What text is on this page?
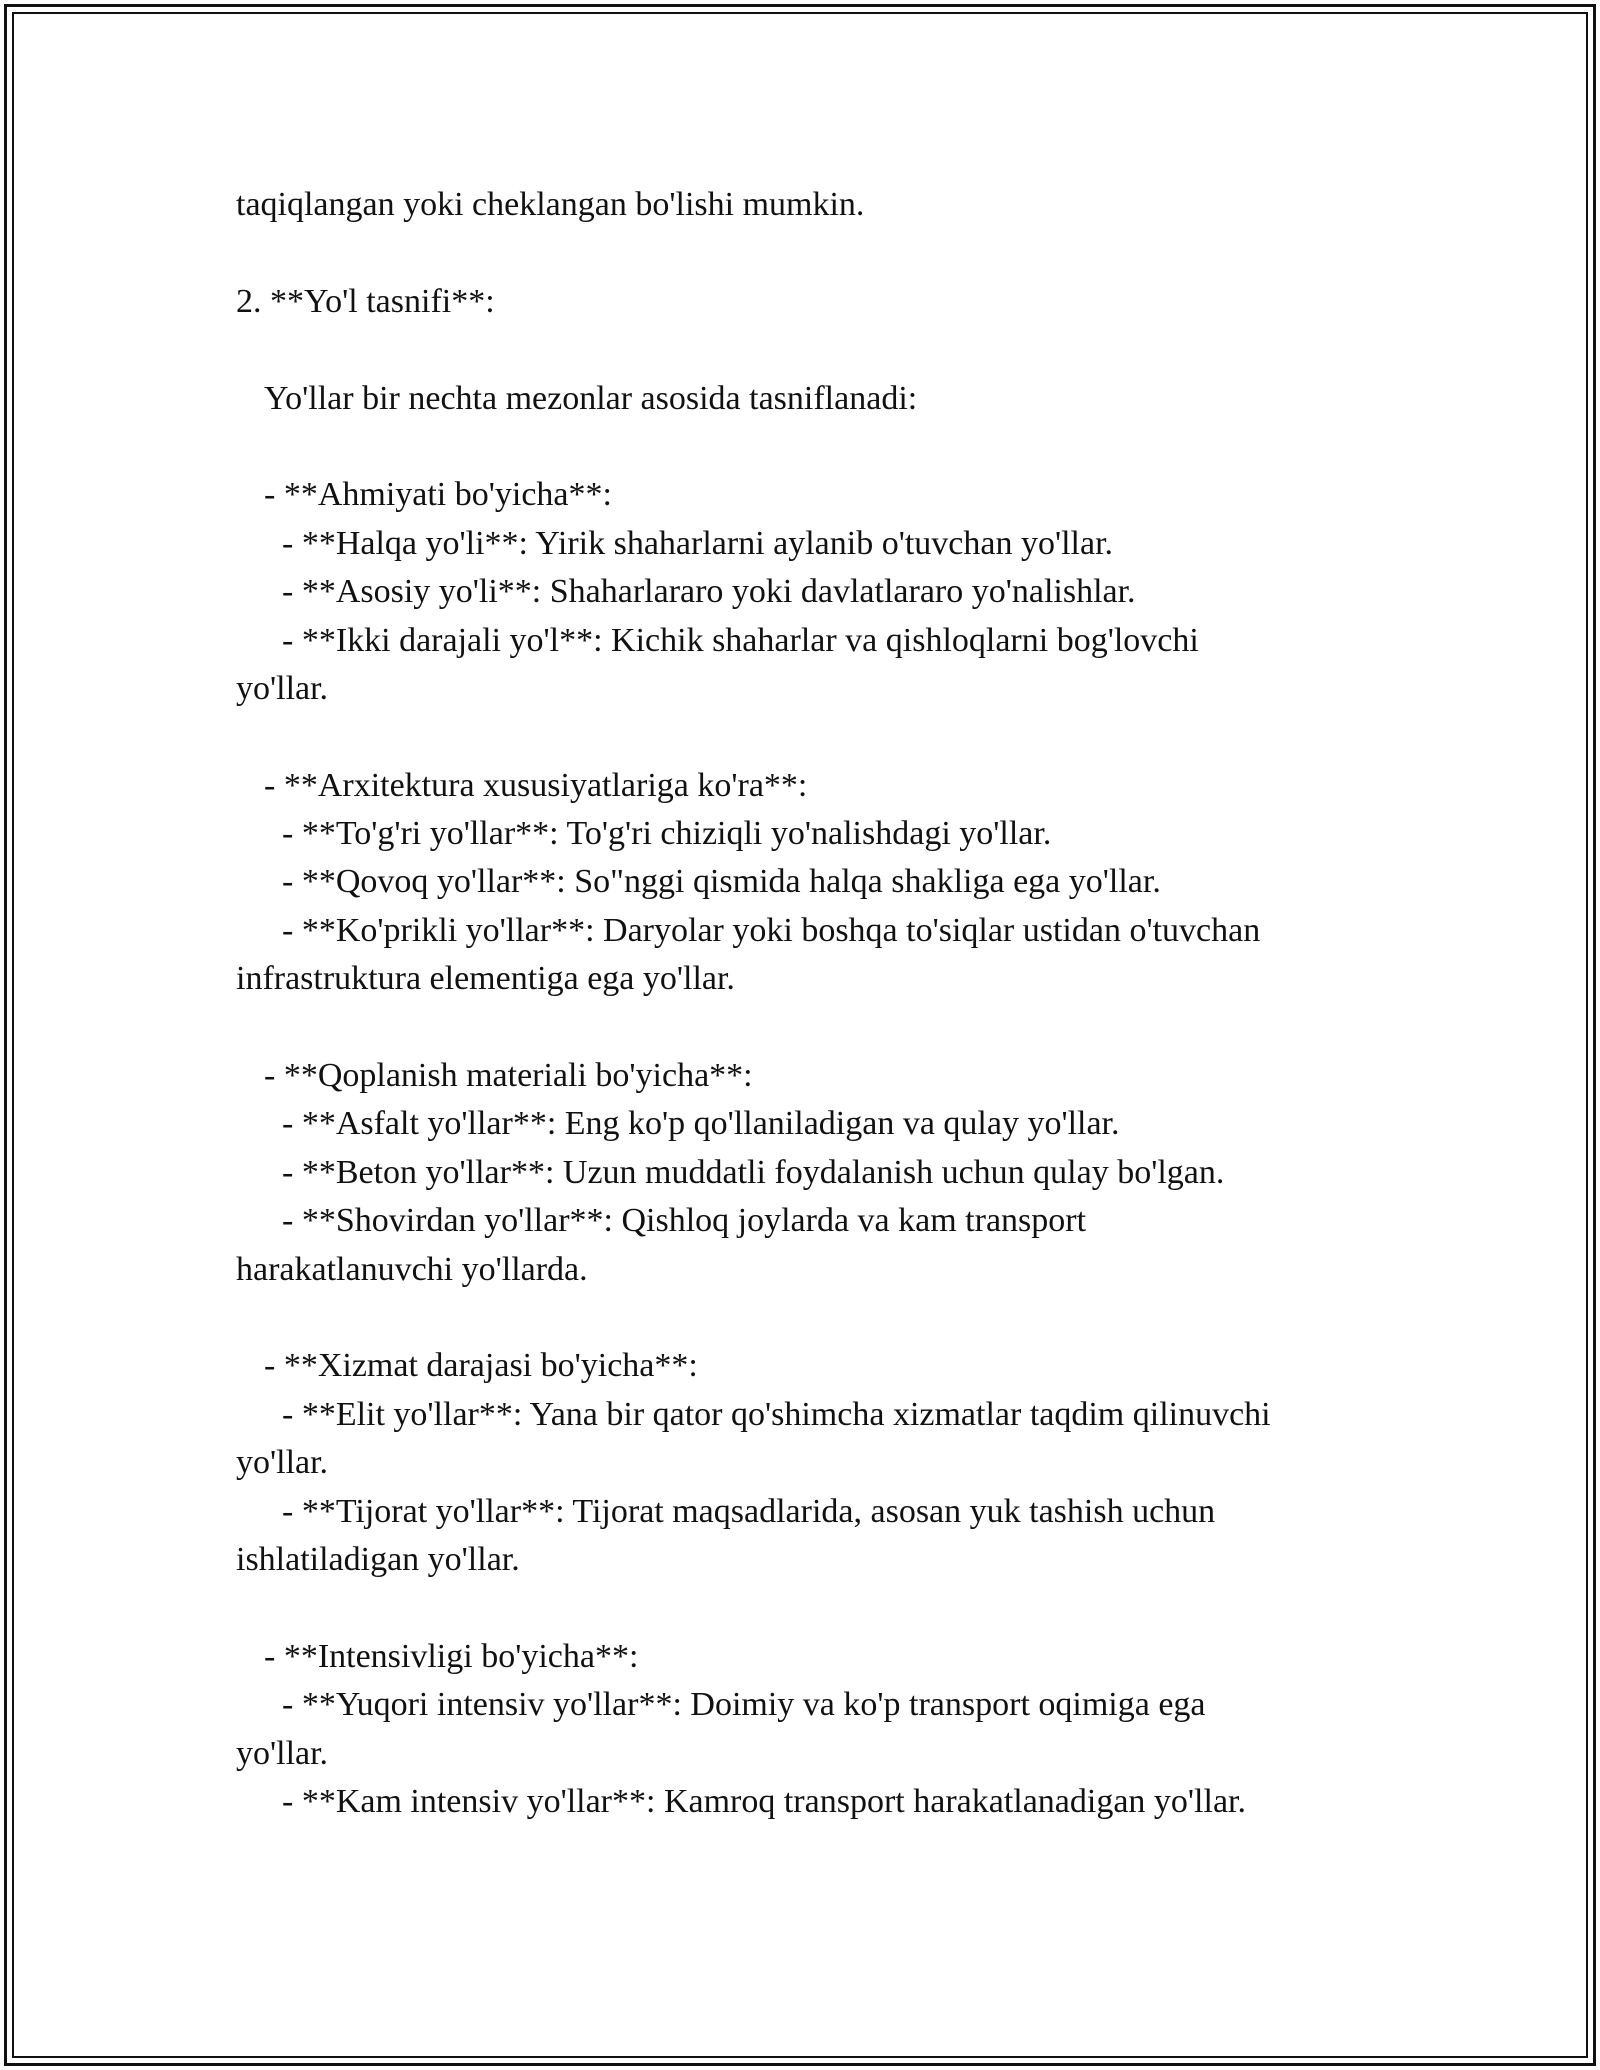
taqiqlangan yoki cheklangan bo'lishi mumkin.
2. **Yo'l tasnifi**:
Yo'llar bir nechta mezonlar asosida tasniflanadi:
- **Ahmiyati bo'yicha**:
- **Halqa yo'li**: Yirik shaharlarni aylanib o'tuvchan yo'llar.
- **Asosiy yo'li**: Shaharlararo yoki davlatlararo yo'nalishlar.
- **Ikki darajali yo'l**: Kichik shaharlar va qishloqlarni bog'lovchi
yo'llar.
- **Arxitektura xususiyatlariga ko'ra**:
- **To'g'ri yo'llar**: To'g'ri chiziqli yo'nalishdagi yo'llar.
- **Qovoq yo'llar**: So"nggi qismida halqa shakliga ega yo'llar.
- **Ko'prikli yo'llar**: Daryolar yoki boshqa to'siqlar ustidan o'tuvchan
infrastruktura elementiga ega yo'llar.
- **Qoplanish materiali bo'yicha**:
- **Asfalt yo'llar**: Eng ko'p qo'llaniladigan va qulay yo'llar.
- **Beton yo'llar**: Uzun muddatli foydalanish uchun qulay bo'lgan.
- **Shovirdan yo'llar**: Qishloq joylarda va kam transport
harakatlanuvchi yo'llarda.
- **Xizmat darajasi bo'yicha**:
- **Elit yo'llar**: Yana bir qator qo'shimcha xizmatlar taqdim qilinuvchi
yo'llar.
- **Tijorat yo'llar**: Tijorat maqsadlarida, asosan yuk tashish uchun
ishlatiladigan yo'llar.
- **Intensivligi bo'yicha**:
- **Yuqori intensiv yo'llar**: Doimiy va ko'p transport oqimiga ega
yo'llar.
- **Kam intensiv yo'llar**: Kamroq transport harakatlanadigan yo'llar.
